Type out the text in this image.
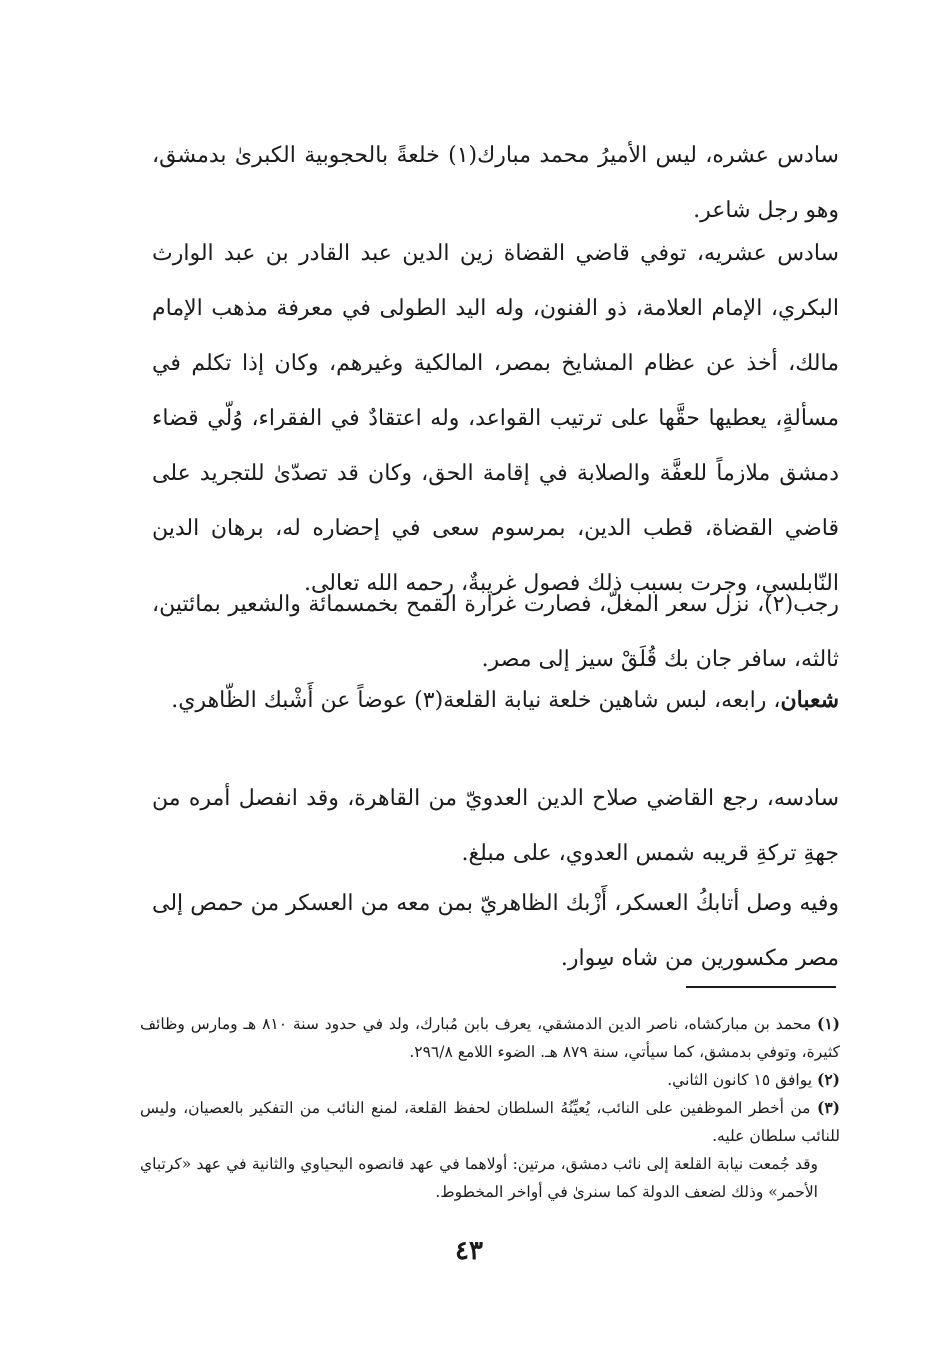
سادس عشره، ليس الأميرُ محمد مبارك(١) خلعةً بالحجوبية الكبرىٰ بدمشق، وهو رجل شاعر.

سادس عشريه، توفي قاضي القضاة زين الدين عبد القادر بن عبد الوارث البكري، الإمام العلامة، ذو الفنون، وله اليد الطولى في معرفة مذهب الإمام مالك، أخذ عن عظام المشايخ بمصر، المالكية وغيرهم، وكان إذا تكلم في مسألةٍ، يعطيها حقَّها على ترتيب القواعد، وله اعتقادٌ في الفقراء، وُلّي قضاء دمشق ملازماً للعفَّة والصلابة في إقامة الحق، وكان قد تصدّىٰ للتجريد على قاضي القضاة، قطب الدين، بمرسوم سعى في إحضاره له، برهان الدين النّابلسي، وجرت بسبب ذلك فصول غريبةٌ، رحمه الله تعالى.

رجب(٢)، نزل سعر المغلّ، فصارت غرارة القمح بخمسمائة والشعير بمائتين، ثالثه، سافر جان بك قُلَقْ سيز إلى مصر.

شعبان، رابعه، لبس شاهين خلعة نيابة القلعة(٣) عوضاً عن أَشْبك الظّاهري.

سادسه، رجع القاضي صلاح الدين العدويّ من القاهرة، وقد انفصل أمره من جهةِ تركةِ قريبه شمس العدوي، على مبلغ.

وفيه وصل أتابكُ العسكر، أَزْبك الظاهريّ بمن معه من العسكر من حمص إلى مصر مكسورين من شاه سِوار.

(١) محمد بن مباركشاه، ناصر الدين الدمشقي، يعرف بابن مُبارك، ولد في حدود سنة ٨١٠ هـ ومارس وظائف كثيرة، وتوفي بدمشق، كما سيأتي، سنة ٨٧٩ هـ. الضوء اللامع ٢٩٦/٨.

(٢) يوافق ١٥ كانون الثاني.

(٣) من أخطر الموظفين على النائب، يُعيِّنُهُ السلطان لحفظ القلعة، لمنع النائب من التفكير بالعصيان، وليس للنائب سلطان عليه.

وقد جُمعت نيابة القلعة إلى نائب دمشق، مرتين: أولاهما في عهد قانصوه اليحياوي والثانية في عهد «كرتباي الأحمر» وذلك لضعف الدولة كما سنرىٰ في أواخر المخطوط.

٤٣
